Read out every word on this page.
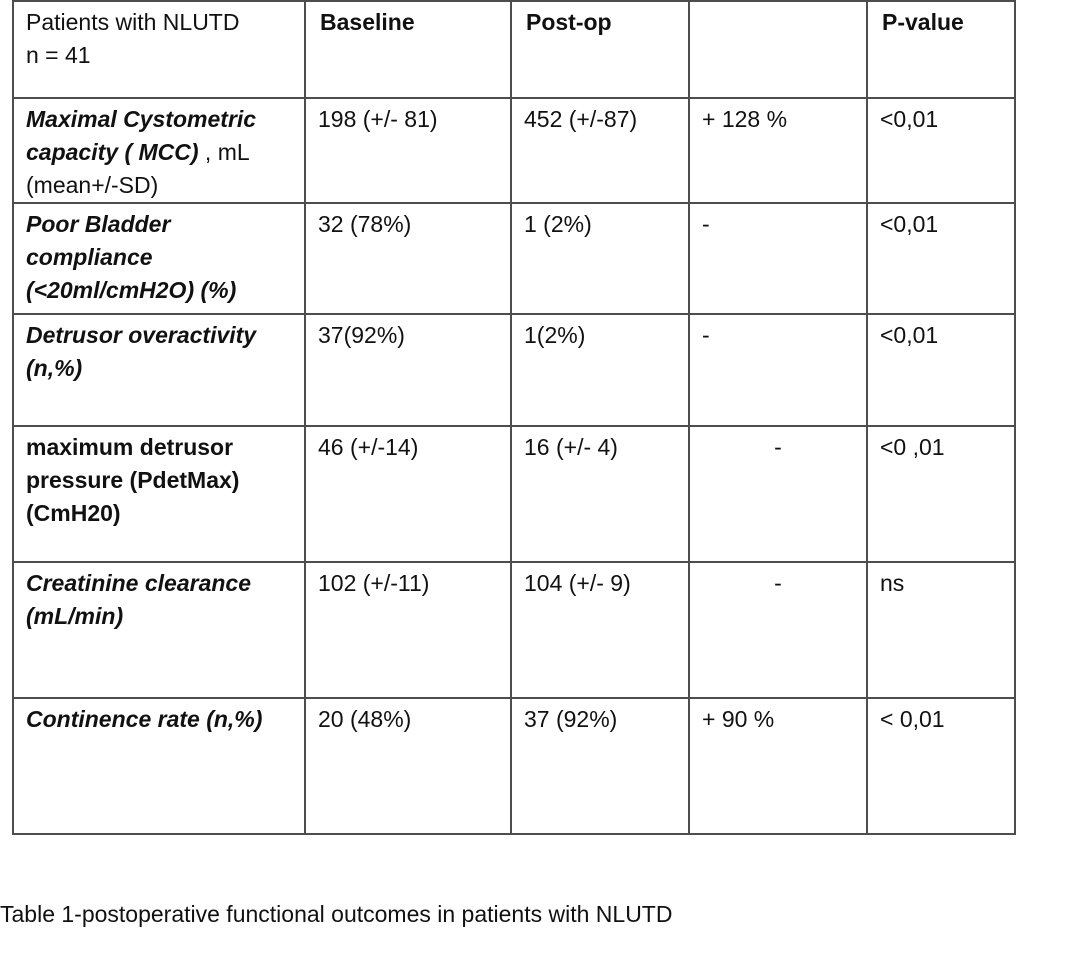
Patients with NLUTD
n = 41	Baseline	Post-op		P-value
Maximal Cystometric capacity ( MCC) , mL (mean+/-SD)	198 (+/- 81)	452 (+/-87)	+ 128 %	<0,01
Poor Bladder compliance (<20ml/cmH2O) (%)	32 (78%)	1 (2%)	-	<0,01
Detrusor overactivity (n,%)	37(92%)	1(2%)	-	<0,01
maximum detrusor pressure (PdetMax) (CmH20)	46 (+/-14)	16 (+/- 4)	-	<0 ,01
Creatinine clearance (mL/min)	102 (+/-11)	104 (+/- 9)	-	ns
Continence rate (n,%)	20 (48%)	37 (92%)	+ 90 %	< 0,01
Table 1-postoperative functional outcomes in patients with NLUTD
